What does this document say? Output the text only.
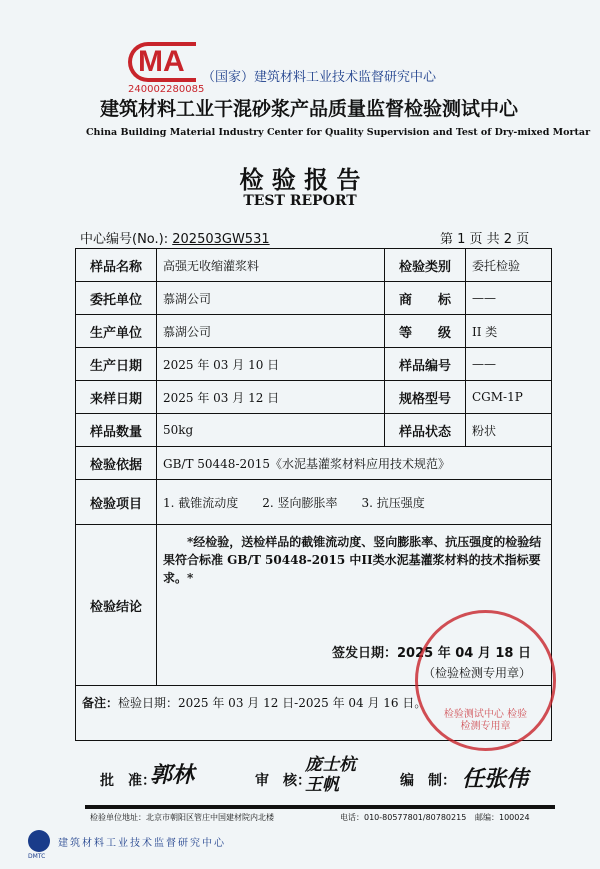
MA
240002280085
（国家）建筑材料工业技术监督研究中心
建筑材料工业干混砂浆产品质量监督检验测试中心
China Building Material Industry Center for Quality Supervision and Test of Dry-mixed Mortar
检 验 报 告
TEST REPORT
中心编号(No.): 202503GW531	第 1 页 共 2 页
样品名称	高强无收缩灌浆料	检验类别	委托检验
委托单位	慕湖公司	商　　标	——
生产单位	慕湖公司	等　　级	II 类
生产日期	2025 年 03 月 10 日	样品编号	——
来样日期	2025 年 03 月 12 日	规格型号	CGM-1P
样品数量	50kg	样品状态	粉状
检验依据	GB/T 50448-2015《水泥基灌浆材料应用技术规范》		
检验项目	1. 截锥流动度　　2. 竖向膨胀率　　3. 抗压强度		
检验结论	*经检验，送检样品的截锥流动度、竖向膨胀率、抗压强度的检验结果符合标准 GB/T 50448-2015 中II类水泥基灌浆材料的技术指标要求。*
签发日期：2025 年 04 月 18 日
（检验检测专用章）		

备注：检验日期：2025 年 03 月 12 日-2025 年 04 月 16 日。			
检验测试中心 检验检测专用章
批　准：
郭林	审　核：
庞士杭 王帆	编　制： 任张伟
检验单位地址：北京市朝阳区管庄中国建材院内北楼	电话：010-80577801/80780215 邮编：100024
DMTC
建筑材料工业技术监督研究中心
